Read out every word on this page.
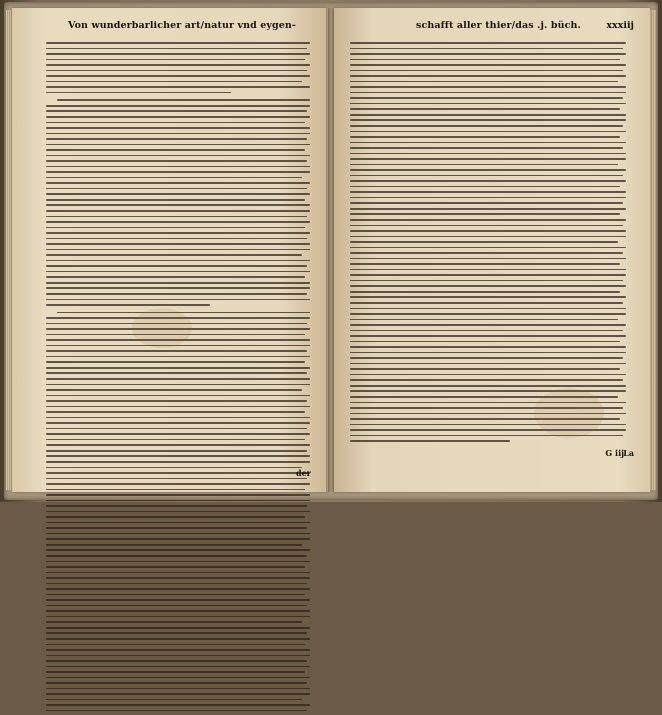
Von wunderbarlicher art/natur vnd eygen-
der
schafft aller thier/das .j. büch.	xxxiij
G iij La
